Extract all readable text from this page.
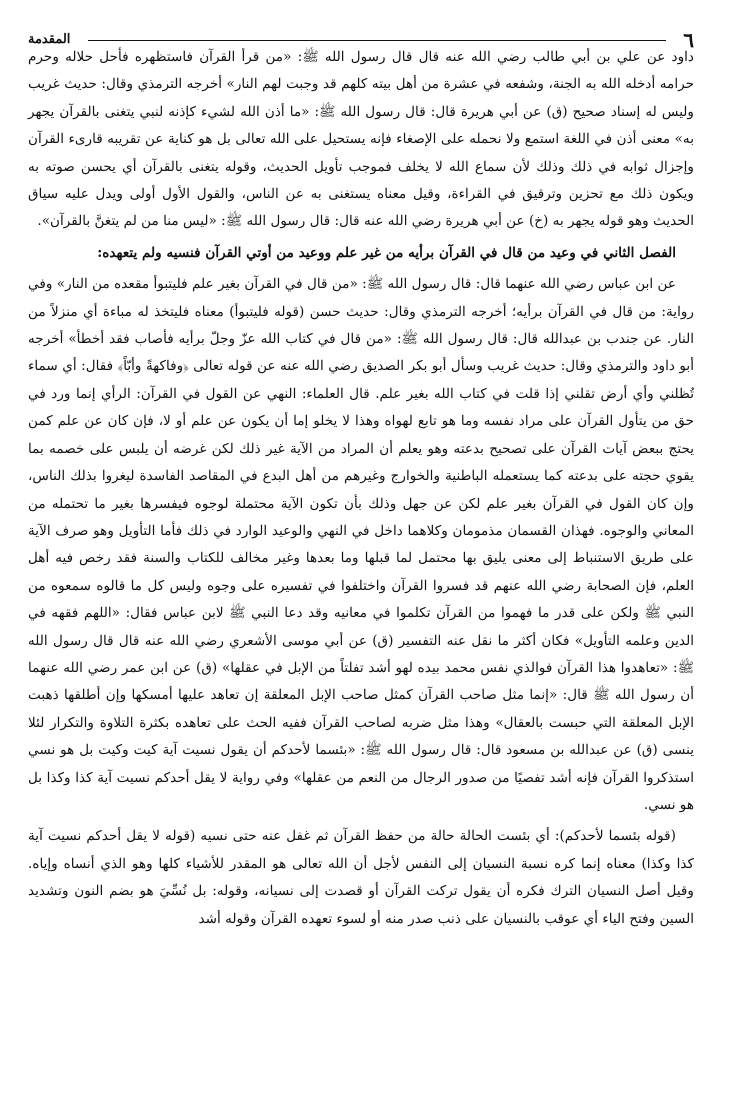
٦
المقدمة

داود عن علي بن أبي طالب رضي الله عنه قال قال رسول الله ﷺ: «من قرأ القرآن فاستظهره فأحل حلاله وحرم حرامه أدخله الله به الجنة، وشفعه في عشرة من أهل بيته كلهم قد وجبت لهم النار» أخرجه الترمذي وقال: حديث غريب وليس له إسناد صحيح (ق) عن أبي هريرة قال: قال رسول الله ﷺ: «ما أذن الله لشيء كإذنه لنبي يتغنى بالقرآن يجهر به» معنى أذن في اللغة استمع ولا نحمله على الإصغاء فإنه يستحيل على الله تعالى بل هو كناية عن تقريبه قارىء القرآن وإجزال ثوابه في ذلك وذلك لأن سماع الله لا يخلف فموجب تأويل الحديث، وقوله يتغنى بالقرآن أي يحسن صوته به ويكون ذلك مع تحزين وترقيق في القراءة، وقيل معناه يستغنى به عن الناس، والقول الأول أولى ويدل عليه سياق الحديث وهو قوله يجهر به (خ) عن أبي هريرة رضي الله عنه قال: قال رسول الله ﷺ: «ليس منا من لم يتغنَّ بالقرآن».

الفصل الثاني في وعيد من قال في القرآن برأيه من غير علم ووعيد من أوتي القرآن فنسيه ولم يتعهده:

عن ابن عباس رضي الله عنهما قال: قال رسول الله ﷺ: «من قال في القرآن بغير علم فليتبوأ مقعده من النار» وفي رواية: من قال في القرآن برأيه؛ أخرجه الترمذي وقال: حديث حسن (قوله فليتبوأ) معناه فليتخذ له مباءة أي منزلاً من النار. عن جندب بن عبدالله قال: قال رسول الله ﷺ: «من قال في كتاب الله عزّ وجلّ برأيه فأصاب فقد أخطأ» أخرجه أبو داود والترمذي وقال: حديث غريب وسأل أبو بكر الصديق رضي الله عنه عن قوله تعالى ﴿وفاكهةً وأبّاً﴾ فقال: أي سماء تُظلني وأي أرض تقلني إذا قلت في كتاب الله بغير علم. قال العلماء: النهي عن القول في القرآن: الرأي إنما ورد في حق من يتأول القرآن على مراد نفسه وما هو تابع لهواه وهذا لا يخلو إما أن يكون عن علم أو لا، فإن كان عن علم كمن يحتج ببعض آيات القرآن على تصحيح بدعته وهو يعلم أن المراد من الآية غير ذلك لكن غرضه أن يلبس على خصمه بما يقوي حجته على بدعته كما يستعمله الباطنية والخوارج وغيرهم من أهل البدع في المقاصد الفاسدة ليغروا بذلك الناس، وإن كان القول في القرآن بغير علم لكن عن جهل وذلك بأن تكون الآية محتملة لوجوه فيفسرها بغير ما تحتمله من المعاني والوجوه. فهذان القسمان مذمومان وكلاهما داخل في النهي والوعيد الوارد في ذلك فأما التأويل وهو صرف الآية على طريق الاستنباط إلى معنى يليق بها محتمل لما قبلها وما بعدها وغير مخالف للكتاب والسنة فقد رخص فيه أهل العلم، فإن الصحابة رضي الله عنهم قد فسروا القرآن واختلفوا في تفسيره على وجوه وليس كل ما قالوه سمعوه من النبي ﷺ ولكن على قدر ما فهموا من القرآن تكلموا في معانيه وقد دعا النبي ﷺ لابن عباس فقال: «اللهم فقهه في الدين وعلمه التأويل» فكان أكثر ما نقل عنه التفسير (ق) عن أبي موسى الأشعري رضي الله عنه قال قال رسول الله ﷺ: «تعاهدوا هذا القرآن فوالذي نفس محمد بيده لهو أشد تفلتاً من الإبل في عقلها» (ق) عن ابن عمر رضي الله عنهما أن رسول الله ﷺ قال: «إنما مثل صاحب القرآن كمثل صاحب الإبل المعلقة إن تعاهد عليها أمسكها وإن أطلقها ذهبت الإبل المعلقة التي حبست بالعقال» وهذا مثل ضربه لصاحب القرآن ففيه الحث على تعاهده بكثرة التلاوة والتكرار لئلا ينسى (ق) عن عبدالله بن مسعود قال: قال رسول الله ﷺ: «بئسما لأحدكم أن يقول نسيت آية كيت وكيت بل هو نسي استذكروا القرآن فإنه أشد تفصيًا من صدور الرجال من النعم من عقلها» وفي رواية لا يقل أحدكم نسيت آية كذا وكذا بل هو نسي.

(قوله بئسما لأحدكم): أي بئست الحالة حالة من حفظ القرآن ثم غفل عنه حتى نسيه (قوله لا يقل أحدكم نسيت آية كذا وكذا) معناه إنما كره نسبة النسيان إلى النفس لأجل أن الله تعالى هو المقدر للأشياء كلها وهو الذي أنساه وإياه. وقيل أصل النسيان الترك فكره أن يقول تركت القرآن أو قصدت إلى نسيانه، وقوله: بل نُسِّيَ هو بضم النون وتشديد السين وفتح الياء أي عوقب بالنسيان على ذنب صدر منه أو لسوء تعهده القرآن وقوله أشد
